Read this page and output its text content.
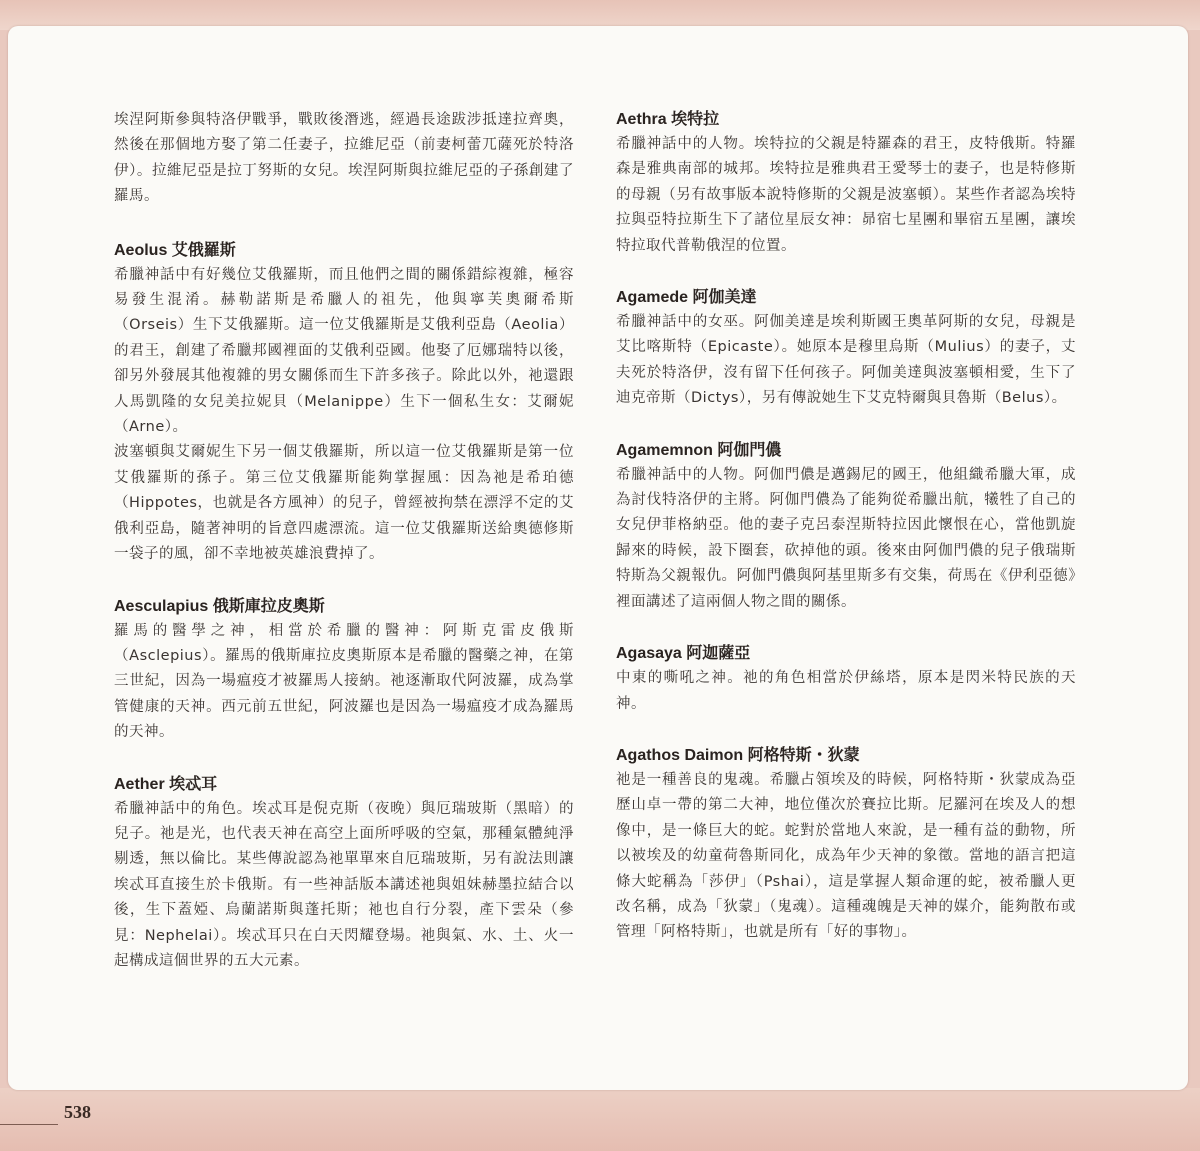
埃涅阿斯參與特洛伊戰爭，戰敗後潛逃，經過長途跋涉抵達拉齊奧，然後在那個地方娶了第二任妻子，拉維尼亞（前妻柯蕾兀薩死於特洛伊）。拉維尼亞是拉丁努斯的女兒。埃涅阿斯與拉維尼亞的子孫創建了羅馬。

Aeolus 艾俄羅斯

希臘神話中有好幾位艾俄羅斯，而且他們之間的關係錯綜複雜，極容易發生混淆。赫勒諾斯是希臘人的祖先，他與寧芙奧爾希斯（Orseis）生下艾俄羅斯。這一位艾俄羅斯是艾俄利亞島（Aeolia）的君王，創建了希臘邦國裡面的艾俄利亞國。他娶了厄娜瑞特以後，卻另外發展其他複雜的男女關係而生下許多孩子。除此以外，祂還跟人馬凱隆的女兒美拉妮貝（Melanippe）生下一個私生女：艾爾妮（Arne）。

波塞頓與艾爾妮生下另一個艾俄羅斯，所以這一位艾俄羅斯是第一位艾俄羅斯的孫子。第三位艾俄羅斯能夠掌握風：因為祂是希珀德（Hippotes，也就是各方風神）的兒子，曾經被拘禁在漂浮不定的艾俄利亞島，隨著神明的旨意四處漂流。這一位艾俄羅斯送給奧德修斯一袋子的風，卻不幸地被英雄浪費掉了。

Aesculapius 俄斯庫拉皮奧斯

羅馬的醫學之神，相當於希臘的醫神：阿斯克雷皮俄斯（Asclepius）。羅馬的俄斯庫拉皮奧斯原本是希臘的醫藥之神，在第三世紀，因為一場瘟疫才被羅馬人接納。祂逐漸取代阿波羅，成為掌管健康的天神。西元前五世紀，阿波羅也是因為一場瘟疫才成為羅馬的天神。

Aether 埃忒耳

希臘神話中的角色。埃忒耳是倪克斯（夜晚）與厄瑞玻斯（黑暗）的兒子。祂是光，也代表天神在高空上面所呼吸的空氣，那種氣體純淨剔透，無以倫比。某些傳說認為祂單單來自厄瑞玻斯，另有說法則讓埃忒耳直接生於卡俄斯。有一些神話版本講述祂與姐妹赫墨拉結合以後，生下蓋婭、烏蘭諾斯與蓬托斯；祂也自行分裂，產下雲朵（參見：Nephelai）。埃忒耳只在白天閃耀登場。祂與氣、水、土、火一起構成這個世界的五大元素。

Aethra 埃特拉

希臘神話中的人物。埃特拉的父親是特羅森的君王，皮特俄斯。特羅森是雅典南部的城邦。埃特拉是雅典君王愛琴士的妻子，也是特修斯的母親（另有故事版本說特修斯的父親是波塞頓）。某些作者認為埃特拉與亞特拉斯生下了諸位星辰女神：昴宿七星團和畢宿五星團，讓埃特拉取代普勒俄涅的位置。

Agamede 阿伽美達

希臘神話中的女巫。阿伽美達是埃利斯國王奧革阿斯的女兒，母親是艾比喀斯特（Epicaste）。她原本是穆里烏斯（Mulius）的妻子，丈夫死於特洛伊，沒有留下任何孩子。阿伽美達與波塞頓相愛，生下了迪克帝斯（Dictys），另有傳說她生下艾克特爾與貝魯斯（Belus）。

Agamemnon 阿伽門儂

希臘神話中的人物。阿伽門儂是邁錫尼的國王，他組織希臘大軍，成為討伐特洛伊的主將。阿伽門儂為了能夠從希臘出航，犧牲了自己的女兒伊菲格納亞。他的妻子克呂泰涅斯特拉因此懷恨在心，當他凱旋歸來的時候，設下圈套，砍掉他的頭。後來由阿伽門儂的兒子俄瑞斯特斯為父親報仇。阿伽門儂與阿基里斯多有交集，荷馬在《伊利亞德》裡面講述了這兩個人物之間的關係。

Agasaya 阿迦薩亞

中東的嘶吼之神。祂的角色相當於伊絲塔，原本是閃米特民族的天神。

Agathos Daimon 阿格特斯・狄蒙

祂是一種善良的鬼魂。希臘占領埃及的時候，阿格特斯・狄蒙成為亞歷山卓一帶的第二大神，地位僅次於賽拉比斯。尼羅河在埃及人的想像中，是一條巨大的蛇。蛇對於當地人來說，是一種有益的動物，所以被埃及的幼童荷魯斯同化，成為年少天神的象徵。當地的語言把這條大蛇稱為「莎伊」（Pshai），這是掌握人類命運的蛇，被希臘人更改名稱，成為「狄蒙」（鬼魂）。這種魂魄是天神的媒介，能夠散布或管理「阿格特斯」，也就是所有「好的事物」。

538
